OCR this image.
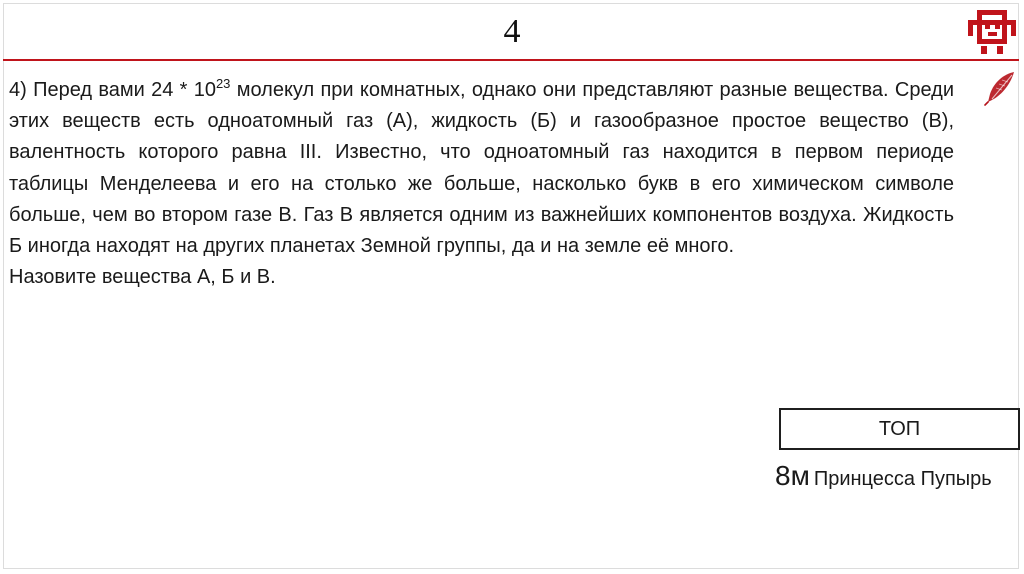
4

4) Перед вами $24 * 10^{23}$ молекул при комнатных, однако они представляют разные вещества. Среди этих веществ есть одноатомный газ (А), жидкость (Б) и газообразное простое вещество (В), валентность которого равна III. Известно, что одноатомный газ находится в первом периоде таблицы Менделеева и его на столько же больше, насколько букв в его химическом символе больше, чем во втором газе В. Газ В является одним из важнейших компонентов воздуха. Жидкость Б иногда находят на других планетах Земной группы, да и на земле её много.

Назовите вещества А, Б и В.

ТОП
8м Принцесса Пупырь
